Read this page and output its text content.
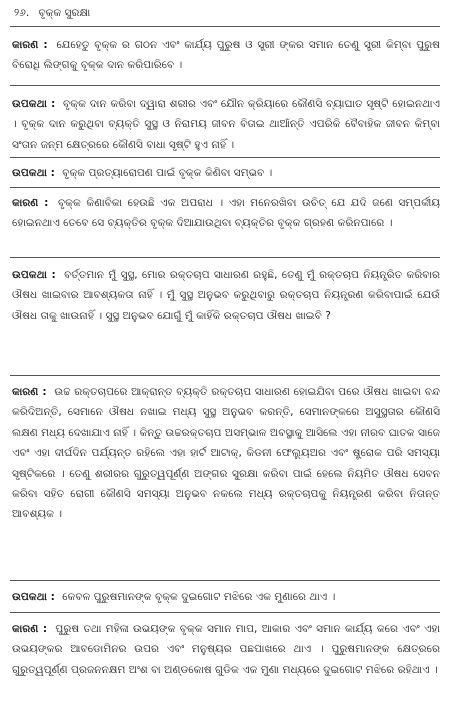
୨୬. ବୃକ୍କ ସୁରକ୍ଷା
କାରଣ : ଯେହେତୁ ବୃକ୍କ ର ଗଠନ ଏବଂ କାର୍ଯ୍ୟ ପୁରୁଷ ଓ ସ୍ତ୍ରୀ ଙ୍କର ସମାନ ତେଣୁ ସ୍ତ୍ରୀ କିମ୍ବା ପୁରୁଷ ବିରୋଧି ଲିଙ୍ଗକୁ ବୃକ୍କ ଦାନ କରିପାରିବେ ।
ଉପକଥା : ବୃକ୍କ ଦାନ କରିବା ଦ୍ୱାରା ଶରୀର ଏବଂ ଯୌନ କ୍ରିୟାରେ କୌଣସି ବ୍ୟାଘାତ ସୃଷ୍ଟି ହୋଇନଥାଏ । ବୃକ୍କ ଦାନ କରୁଥିବା ବ୍ୟକ୍ତି ସୁସ୍ଥ ଓ ନିରାମୟ ଜୀବନ ବିତାଇ ଥାଆଁନ୍ତି ଏପରିକି ବୈବାହିକ ଜୀବନ କିମ୍ବା ସଂତାନ ଜନ୍ମ କ୍ଷେତ୍ରରେ କୌଣସି ବାଧା ସୃଷ୍ଟି ହୁଏ ନାହିଁ ।
ଉପକଥା : ବୃକ୍କ ପ୍ରତ୍ୟାରୋପଣ ପାଇଁ ବୃକ୍କ କିଣିବା ସମ୍ଭବ ।
କାରଣ : ବୃକ୍କ କିଣାବିକା ହେଉଛି ଏକ ଅପରାଧ । ଏହା ମନେରଖିବା ଉଚିତ୍ ଯେ ଯଦି ଜଣେ ସମ୍ପର୍କୀୟ ହୋଇନଥାଏ ତେବେ ସେ ବ୍ୟକ୍ତିର ବୃକ୍କ ଦିଆଯାଉଥିବା ବ୍ୟକ୍ତିର ବୃକ୍କ ଗ୍ରହଣ କରିନପାରେ ।
ଉପକଥା : ବର୍ତ୍ତମାନ ମୁଁ ସୁସ୍ଥ, ମୋର ରକ୍ତଚାପ ସାଧାରଣ ରହୁଛି, ତେଣୁ ମୁଁ ରକ୍ତଚାପ ନିୟନ୍ତ୍ରିତ କରିବାର ଔଷଧ ଖାଇବାର ଆବଶ୍ୟକତା ନାହିଁ । ମୁଁ ସୁସ୍ଥ ଅନୁଭବ କରୁଥିବାରୁ ରକ୍ତଚାପ ନିୟନ୍ତ୍ରଣ କରିବାପାଇଁ ଯେଉଁ ଔଷଧ ତାକୁ ଖାଉନାହିଁ । ସୁସ୍ଥ ଅନୁଭବ ଯୋଗୁଁ ମୁଁ କାହିଁକି ରକ୍ତଚାପ ଔଷଧ ଖାଇବି ?
କାରଣ : ଉଚ୍ଚ ରକ୍ତଚାପରେ ଆକ୍ରାନ୍ତ ବ୍ୟକ୍ତି ରକ୍ତଚାପ ସାଧାରଣ ହୋଇଯିବା ପରେ ଔଷଧ ଖାଇବା ବନ୍ଦ କରିଦିଅନ୍ତି, ସେମାନେ ଔଷଧ ନଖାଇ ମଧ୍ୟ ସୁସ୍ଥ ଅନୁଭବ କରନ୍ତି, ସେମାନଙ୍କରେ ଅସୁସ୍ଥତାର କୌଣସି ଲକ୍ଷଣ ମଧ୍ୟ ଦେଖାଯାଏ ନାହିଁ । କିନ୍ତୁ ଉଚ୍ଚରକ୍ତଚାପ ଅସମ୍ଭାଳ ଅବସ୍ଥାକୁ ଆସିଲେ ଏହା ନୀରବ ଘାତକ ସାଜେ ଏବଂ ଏହା ଦୀର୍ଘଦିନ ପର୍ଯ୍ୟନ୍ତ ରହିଲେ ଏହା ହାର୍ଟ ଆଟାକ୍, କିଡନୀ ଫେଲ୍ୟୁଅର ଏବଂ ଷ୍ଟ୍ରୋକ ପରି ସମସ୍ୟା ସୃଷ୍ଟିକରେ । ତେଣୁ ଶରୀରର ଗୁରୁତ୍ୱପୂର୍ଣ୍ଣ ଅଙ୍ଗର ସୁରକ୍ଷା କରିବା ପାଇଁ ହେଲେ ନିୟମିତ ଔଷଧ ସେବନ କରିବା ସହିତ ରୋଗୀ କୌଣସି ସମସ୍ୟା ଅନୁଭବ ନକଲେ ମଧ୍ୟ ରକ୍ତଚାପକୁ ନିୟନ୍ତ୍ରଣ କରିବା ନିତାନ୍ତ ଆବଶ୍ୟକ ।
ଉପକଥା : କେବଳ ପୁରୁଷମାନଙ୍କ ବୃକ୍କ ଦୁଇଗୋଟ ମଝିରେ ଏକ ମୁଣାରେ ଥାଏ ।
କାରଣ : ପୁରୁଷ ତଥା ମହିଳା ଉଭୟଙ୍କ ବୃକ୍କ ସମାନ ମାପ, ଆକାର ଏବଂ ସମାନ କାର୍ଯ୍ୟ କରେ ଏବଂ ଏହା ଉଭୟଙ୍କର ଆବଡୋମିନର ଉପର ଏବଂ ମନୁଷ୍ୟର ପଛପାଖରେ ଥାଏ । ପୁରୁଷମାନଙ୍କ କ୍ଷେତ୍ରରେ ଗୁରୁତ୍ୱପୂର୍ଣ୍ଣ ପ୍ରଜନନକ୍ଷମ ଅଂଶ ବା ଅଣ୍ଡକୋଷ ଗୁଡିକ ଏକ ମୁଣା ମଧ୍ୟରେ ଦୁଇଗୋଟ ମଝିରେ ରହିଥାଏ ।
